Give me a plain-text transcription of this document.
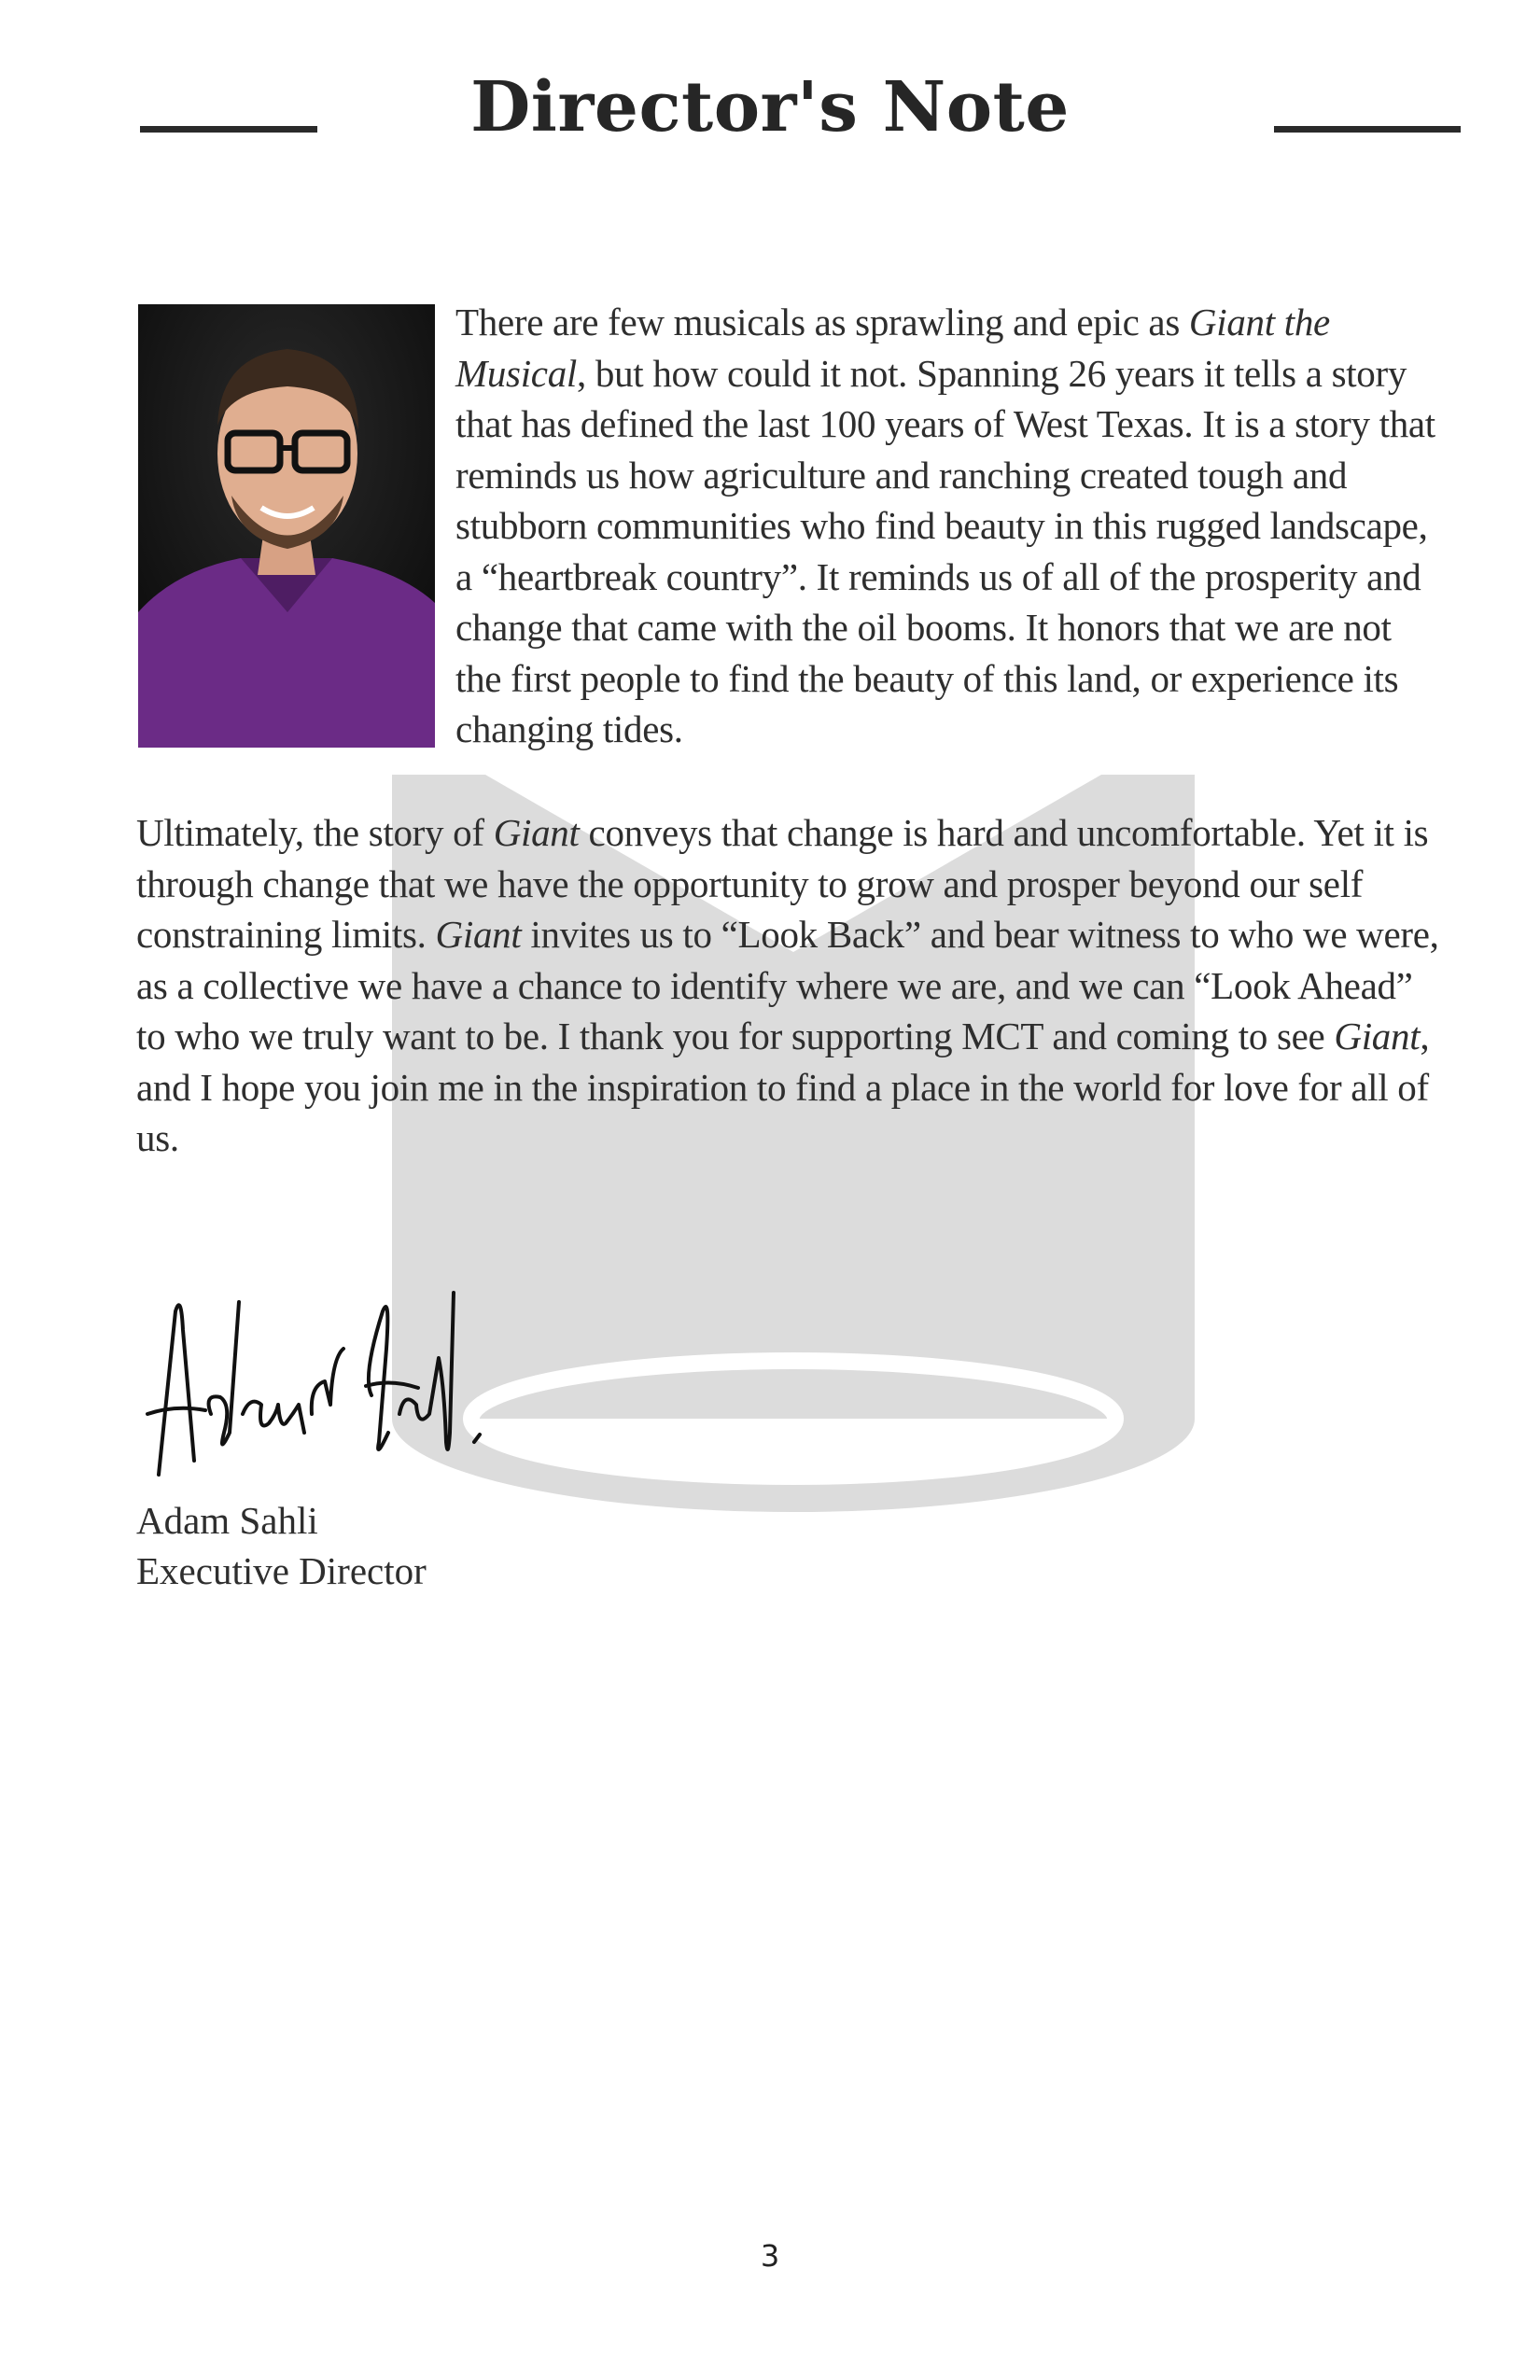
Director's Note

There are few musicals as sprawling and epic as Giant the Musical, but how could it not. Spanning 26 years it tells a story that has defined the last 100 years of West Texas. It is a story that reminds us how agriculture and ranching created tough and stubborn communities who find beauty in this rugged landscape, a “heartbreak country”. It reminds us of all of the prosperity and change that came with the oil booms. It honors that we are not the first people to find the beauty of this land, or experience its changing tides.

Ultimately, the story of Giant conveys that change is hard and uncomfortable. Yet it is through change that we have the opportunity to grow and prosper beyond our self constraining limits. Giant invites us to “Look Back” and bear witness to who we were, as a collective we have a chance to identify where we are, and we can “Look Ahead” to who we truly want to be. I thank you for supporting MCT and coming to see Giant, and I hope you join me in the inspiration to find a place in the world for love for all of us.

Adam Sahli

Executive Director

3
